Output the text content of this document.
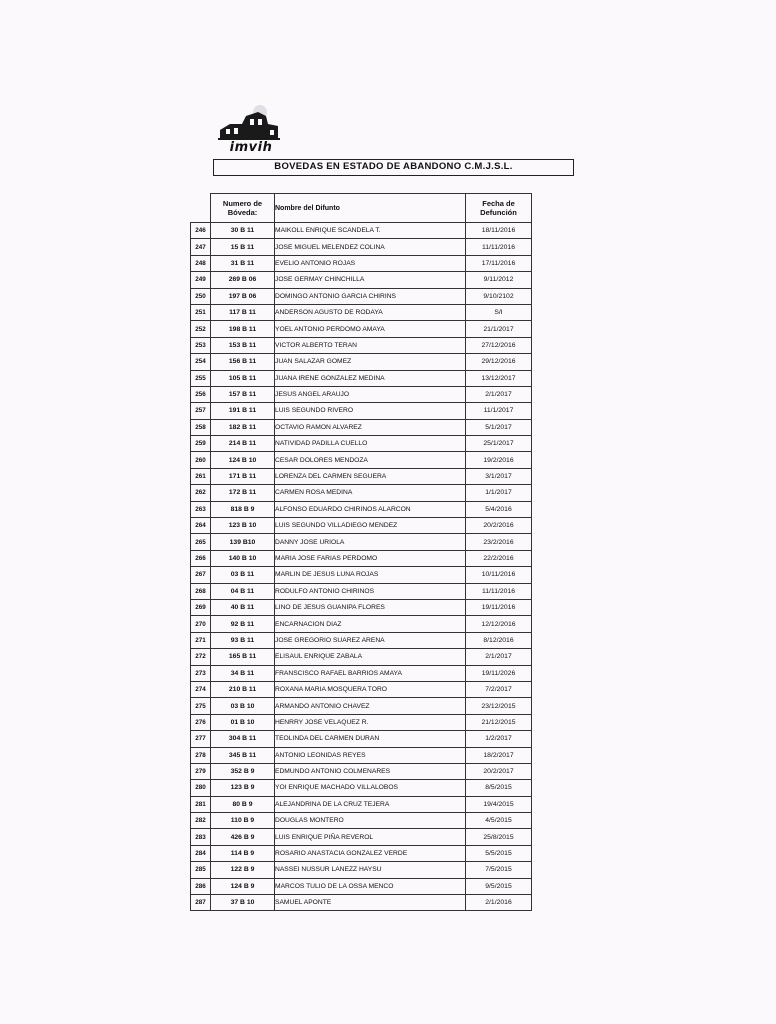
imvih
BOVEDAS EN ESTADO DE ABANDONO C.M.J.S.L.

	Numero de
Bóveda:	Nombre del Difunto	Fecha de
Defunción

246	30 B 11	MAIKOLL ENRIQUE SCANDELA T.	18/11/2016
247	15 B 11	JOSE MIGUEL MELENDEZ COLINA	11/11/2016
248	31 B 11	EVELIO ANTONIO ROJAS	17/11/2016
249	269 B 06	JOSE GERMAY CHINCHILLA	9/11/2012
250	197 B 06	DOMINGO ANTONIO GARCIA CHIRINS	9/10/2102
251	117 B 11	ANDERSON AGUSTO DE RODAYA	S/I
252	198 B 11	YOEL ANTONIO PERDOMO AMAYA	21/1/2017
253	153 B 11	VICTOR ALBERTO TERAN	27/12/2016
254	156 B 11	JUAN SALAZAR GOMEZ	29/12/2016
255	105 B 11	JUANA IRENE GONZALEZ MEDINA	13/12/2017
256	157 B 11	JESUS ANGEL ARAUJO	2/1/2017
257	191 B 11	LUIS SEGUNDO RIVERO	11/1/2017
258	182 B 11	OCTAVIO RAMON ALVAREZ	5/1/2017
259	214 B 11	NATIVIDAD PADILLA CUELLO	25/1/2017
260	124 B 10	CESAR DOLORES MENDOZA	19/2/2016
261	171 B 11	LORENZA DEL CARMEN SEGUERA	3/1/2017
262	172 B 11	CARMEN ROSA MEDINA	1/1/2017
263	818 B 9	ALFONSO EDUARDO CHIRINOS ALARCON	5/4/2016
264	123 B 10	LUIS SEGUNDO VILLADIEGO MENDEZ	20/2/2016
265	139 B10	DANNY JOSE URIOLA	23/2/2016
266	140 B 10	MARIA JOSE FARIAS PERDOMO	22/2/2016
267	03 B 11	MARLIN DE JESUS LUNA ROJAS	10/11/2016
268	04 B 11	RODULFO ANTONIO CHIRINOS	11/11/2016
269	40 B 11	LINO DE JESUS GUANIPA FLORES	19/11/2016
270	92 B 11	ENCARNACION DIAZ	12/12/2016
271	93 B 11	JOSE GREGORIO SUAREZ ARENA	8/12/2016
272	165 B 11	ELISAUL ENRIQUE ZABALA	2/1/2017
273	34 B 11	FRANSCISCO RAFAEL BARRIOS AMAYA	19/11/2026
274	210 B 11	ROXANA MARIA MOSQUERA TORO	7/2/2017
275	03 B 10	ARMANDO ANTONIO CHAVEZ	23/12/2015
276	01 B 10	HENRRY JOSE VELAQUEZ R.	21/12/2015
277	304 B 11	TEOLINDA DEL CARMEN DURAN	1/2/2017
278	345 B 11	ANTONIO LEONIDAS REYES	18/2/2017
279	352 B 9	EDMUNDO ANTONIO COLMENARES	20/2/2017
280	123 B 9	YOI ENRIQUE MACHADO VILLALOBOS	8/5/2015
281	80 B 9	ALEJANDRINA DE LA CRUZ TEJERA	19/4/2015
282	110 B 9	DOUGLAS MONTERO	4/5/2015
283	426 B 9	LUIS ENRIQUE PIÑA REVEROL	25/8/2015
284	114 B 9	ROSARIO ANASTACIA GONZALEZ VERDE	5/5/2015
285	122 B 9	NASSEI NUSSUR LANEZZ HAYSU	7/5/2015
286	124 B 9	MARCOS TULIO DE LA OSSA MENCO	9/5/2015
287	37 B 10	SAMUEL APONTE	2/1/2016
